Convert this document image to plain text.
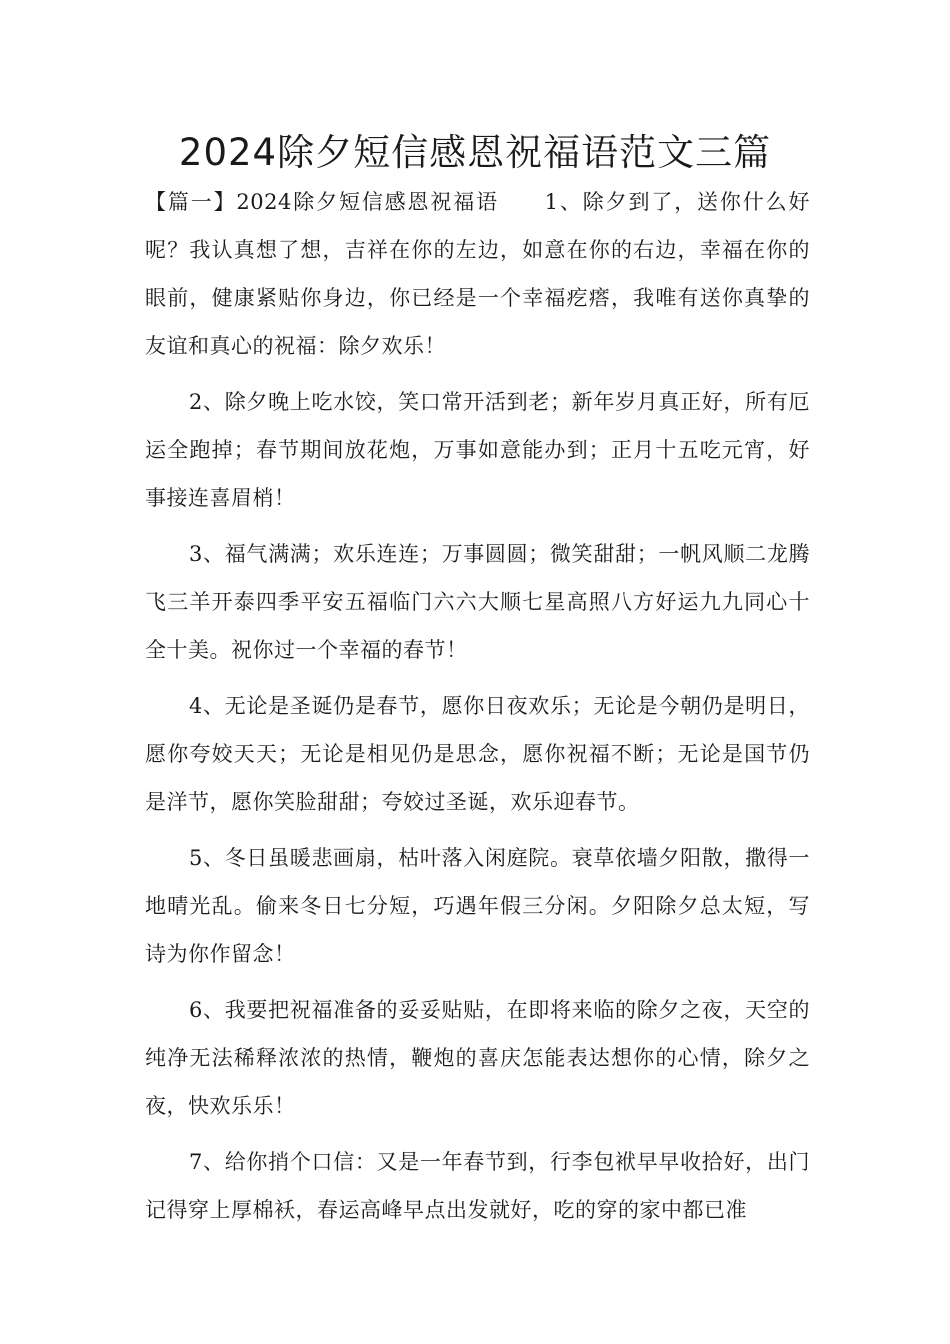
2024除夕短信感恩祝福语范文三篇

【篇一】2024除夕短信感恩祝福语　　1、除夕到了，送你什么好呢？我认真想了想，吉祥在你的左边，如意在你的右边，幸福在你的眼前，健康紧贴你身边，你已经是一个幸福疙瘩，我唯有送你真挚的友谊和真心的祝福：除夕欢乐！

2、除夕晚上吃水饺，笑口常开活到老；新年岁月真正好，所有厄运全跑掉；春节期间放花炮，万事如意能办到；正月十五吃元宵，好事接连喜眉梢！

3、福气满满；欢乐连连；万事圆圆；微笑甜甜；一帆风顺二龙腾飞三羊开泰四季平安五福临门六六大顺七星高照八方好运九九同心十全十美。祝你过一个幸福的春节！

4、无论是圣诞仍是春节，愿你日夜欢乐；无论是今朝仍是明日，愿你夸姣天天；无论是相见仍是思念，愿你祝福不断；无论是国节仍是洋节，愿你笑脸甜甜；夸姣过圣诞，欢乐迎春节。

5、冬日虽暖悲画扇，枯叶落入闲庭院。衰草依墙夕阳散，撒得一地晴光乱。偷来冬日七分短，巧遇年假三分闲。夕阳除夕总太短，写诗为你作留念！

6、我要把祝福准备的妥妥贴贴，在即将来临的除夕之夜，天空的纯净无法稀释浓浓的热情，鞭炮的喜庆怎能表达想你的心情，除夕之夜，快欢乐乐！

7、给你捎个口信：又是一年春节到，行李包袱早早收拾好，出门记得穿上厚棉袄，春运高峰早点出发就好，吃的穿的家中都已准
